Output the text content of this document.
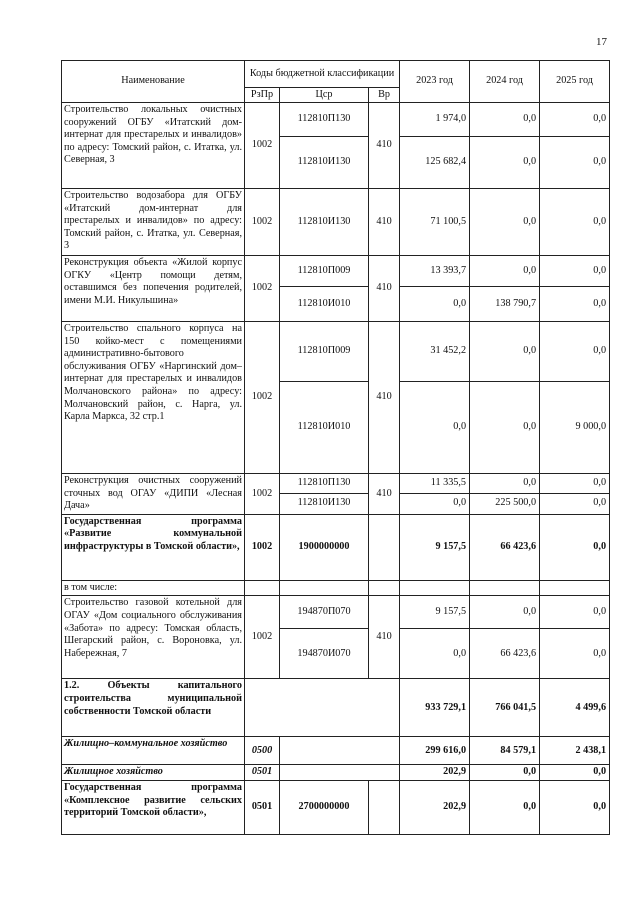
17
Наименование	Коды бюджетной классификации			2023 год	2024 год	2025 год
	РзПр	Цср	Вр			
Строительство локальных очистных сооружений ОГБУ «Итатский дом-интернат для престарелых и инвалидов» по адресу: Томский район, с. Итатка, ул. Северная, 3	1002	112810П130	410	1 974,0	0,0	0,0
		112810И130		125 682,4	0,0	0,0
Строительство водозабора для ОГБУ «Итатский дом-интернат для престарелых и инвалидов» по адресу: Томский район, с. Итатка, ул. Северная, 3	1002	112810И130	410	71 100,5	0,0	0,0
Реконструкция объекта «Жилой корпус ОГКУ «Центр помощи детям, оставшимся без попечения родителей, имени М.И. Никульшина»	1002	112810П009	410	13 393,7	0,0	0,0
		112810И010		0,0	138 790,7	0,0
Строительство спального корпуса на 150 койко-мест с помещениями административно-бытового обслуживания ОГБУ «Наргинский дом–интернат для престарелых и инвалидов Молчановского района» по адресу: Молчановский район, с. Нарга, ул. Карла Маркса, 32 стр.1	1002	112810П009	410	31 452,2	0,0	0,0
		112810И010		0,0	0,0	9 000,0
Реконструкция очистных сооружений сточных вод ОГАУ «ДИПИ «Лесная Дача»	1002	112810П130	410	11 335,5	0,0	0,0
		112810И130		0,0	225 500,0	0,0
Государственная программа «Развитие коммунальной инфраструктуры в Томской области»,	1002	1900000000		9 157,5	66 423,6	0,0
в том числе:						
Строительство газовой котельной для ОГАУ «Дом социального обслуживания «Забота» по адресу: Томская область, Шегарский район, с. Вороновка, ул. Набережная, 7	1002	194870П070	410	9 157,5	0,0	0,0
		194870И070		0,0	66 423,6	0,0
1.2. Объекты капитального строительства муниципальной собственности Томской области				933 729,1	766 041,5	4 499,6
Жилищно–коммунальное хозяйство	0500			299 616,0	84 579,1	2 438,1
Жилищное хозяйство	0501			202,9	0,0	0,0
Государственная программа «Комплексное развитие сельских территорий Томской области»,	0501	2700000000		202,9	0,0	0,0
